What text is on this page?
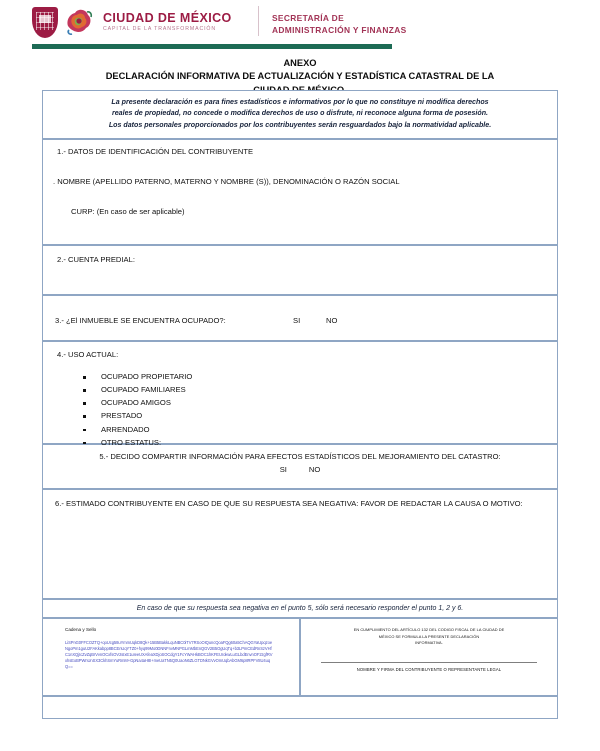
CIUDAD DE MÉXICO
CAPITAL DE LA TRANSFORMACIÓN
SECRETARÍA DE
ADMINISTRACIÓN Y FINANZAS
ANEXO
DECLARACIÓN INFORMATIVA DE ACTUALIZACIÓN Y ESTADÍSTICA CATASTRAL DE LA
La presente declaración es para fines estadísticos e informativos por lo que no constituye ni modifica derechos
reales de propiedad, no concede o modifica derechos de uso o disfrute, ni reconoce alguna forma de posesión.
Los datos personales proporcionados por los contribuyentes serán resguardados bajo la normatividad aplicable.
1.- DATOS DE IDENTIFICACIÓN DEL CONTRIBUYENTE
. NOMBRE (APELLIDO PATERNO, MATERNO Y NOMBRE (S)), DENOMINACIÓN O RAZÓN SOCIAL
CURP: (En caso de ser aplicable)
2.- CUENTA PREDIAL:
3.- ¿El INMUEBLE SE ENCUENTRA OCUPADO?:	SI	NO
4.- USO ACTUAL:
OCUPADO PROPIETARIO
OCUPADO FAMILIARES
OCUPADO AMIGOS
PRESTADO
ARRENDADO
OTRO ESTATUS:
5.- DECIDO COMPARTIR INFORMACIÓN PARA EFECTOS ESTADÍSTICOS DEL MEJORAMIENTO DEL CATASTRO:
SI	NO
6.- ESTIMADO CONTRIBUYENTE EN CASO DE QUE SU RESPUESTA SEA NEGATIVA: FAVOR DE REDACTAR LA CAUSA O MOTIVO:
En caso de que su respuesta sea negativa en el punto 5, sólo será necesario responder el punto 1, 2 y 6.
Cadena y Sello
LiSPnG0FFCOZTQ+qoUcg58uYmmUqkD8Qk+15B5BakkLquNBC0iTV7RSoOIQuncQoaFQg60a5ChAQGYaUpqzoeNgoPm1guU2FAKkabpp8BCEnUqYTZ0+hyq99Mo0DNNFnvMNPGLmMbEnQGV2B5OgUqTq+b3LPmCEdRnSzVHfC1nXQjIcZvZqBrVvnOCxfsOV2sIxE1uIeeUXAfeaXDjoSOCdgY1FcYWAHkBOC1hKFEUrokwLuGLbdEnvnOF2zgfRVxhsEoBPWnUnSX3CkhSmYuRmM+GpNa4aH8I+meUaTN5Q0UaoN6ZLGTDNkGVvOmUqbAbGM6p8RPFV8U4uqQ==
EN CUMPLIMIENTO DEL ARTÍCULO 132 DEL CODIGO FISCAL DE LA CIUDAD DE
MÉXICO SE FORMULA LA PRESENTE DECLARACIÓN
INFORMATIVA.
NOMBRE Y FIRMA DEL CONTRIBUYENTE O REPRESENTANTE LEGAL
